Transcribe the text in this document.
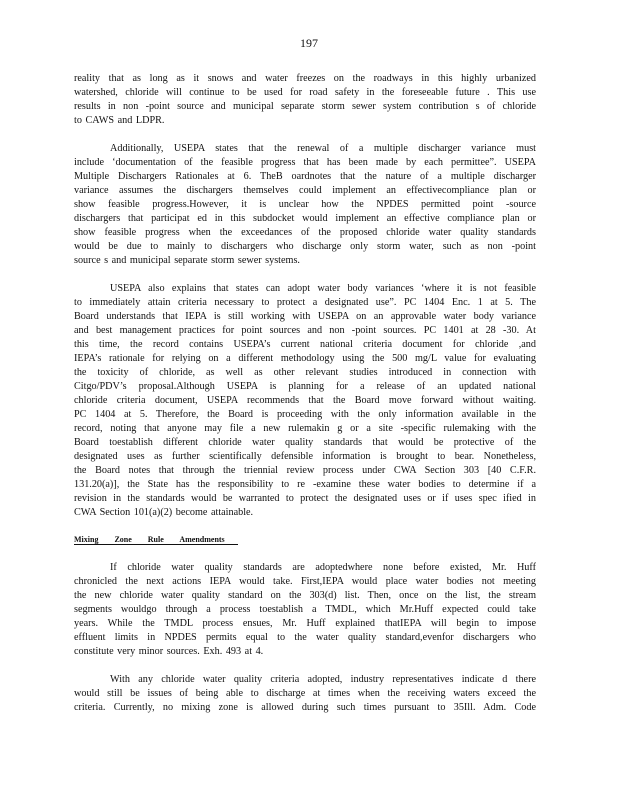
197
reality that as long as it snows and water freezes on the roadways in this highly urbanized
watershed, chloride will continue to be used for road safety in the foreseeable future . This use
results in non -point source and municipal separate storm sewer system contribution s of chloride
to CAWS and LDPR.
Additionally, USEPA states that the renewal of a multiple discharger variance must
include ‘documentation of the feasible progress that has been made by each permittee”. USEPA
Multiple Dischargers Rationales at 6. TheB oardnotes that the nature of a multiple discharger
variance assumes the dischargers themselves could implement an effectivecompliance plan or
show feasible progress.However, it is unclear how the NPDES permitted point -source
dischargers that participat ed in this subdocket would implement an effective compliance plan or
show feasible progress when the exceedances of the proposed chloride water quality standards
would be due to mainly to dischargers who discharge only storm water, such as non -point
source s and municipal separate storm sewer systems.
USEPA also explains that states can adopt water body variances ‘where it is not feasible
to immediately attain criteria necessary to protect a designated use”. PC 1404 Enc. 1 at 5. The
Board understands that IEPA is still working with USEPA on an approvable water body variance
and best management practices for point sources and non -point sources. PC 1401 at 28 -30. At
this time, the record contains USEPA’s current national criteria document for chloride ,and
IEPA’s rationale for relying on a different methodology using the 500 mg/L value for evaluating
the toxicity of chloride, as well as other relevant studies introduced in connection with
Citgo/PDV’s proposal.Although USEPA is planning for a release of an updated national
chloride criteria document, USEPA recommends that the Board move forward without waiting.
PC 1404 at 5. Therefore, the Board is proceeding with the only information available in the
record, noting that anyone may file a new rulemakin g or a site -specific rulemaking with the
Board toestablish different chloride water quality standards that would be protective of the
designated uses as further scientifically defensible information is brought to bear. Nonetheless,
the Board notes that through the triennial review process under CWA Section 303 [40 C.F.R.
131.20(a)], the State has the responsibility to re -examine these water bodies to determine if a
revision in the standards would be warranted to protect the designated uses or if uses spec ified in
CWA Section 101(a)(2) become attainable.
Mixing Zone Rule Amendments
If chloride water quality standards are adoptedwhere none before existed, Mr. Huff
chronicled the next actions IEPA would take. First,IEPA would place water bodies not meeting
the new chloride water quality standard on the 303(d) list. Then, once on the list, the stream
segments wouldgo through a process toestablish a TMDL, which Mr.Huff expected could take
years. While the TMDL process ensues, Mr. Huff explained thatIEPA will begin to impose
effluent limits in NPDES permits equal to the water quality standard,evenfor dischargers who
constitute very minor sources. Exh. 493 at 4.
With any chloride water quality criteria adopted, industry representatives indicate d there
would still be issues of being able to discharge at times when the receiving waters exceed the
criteria. Currently, no mixing zone is allowed during such times pursuant to 35Ill. Adm. Code
